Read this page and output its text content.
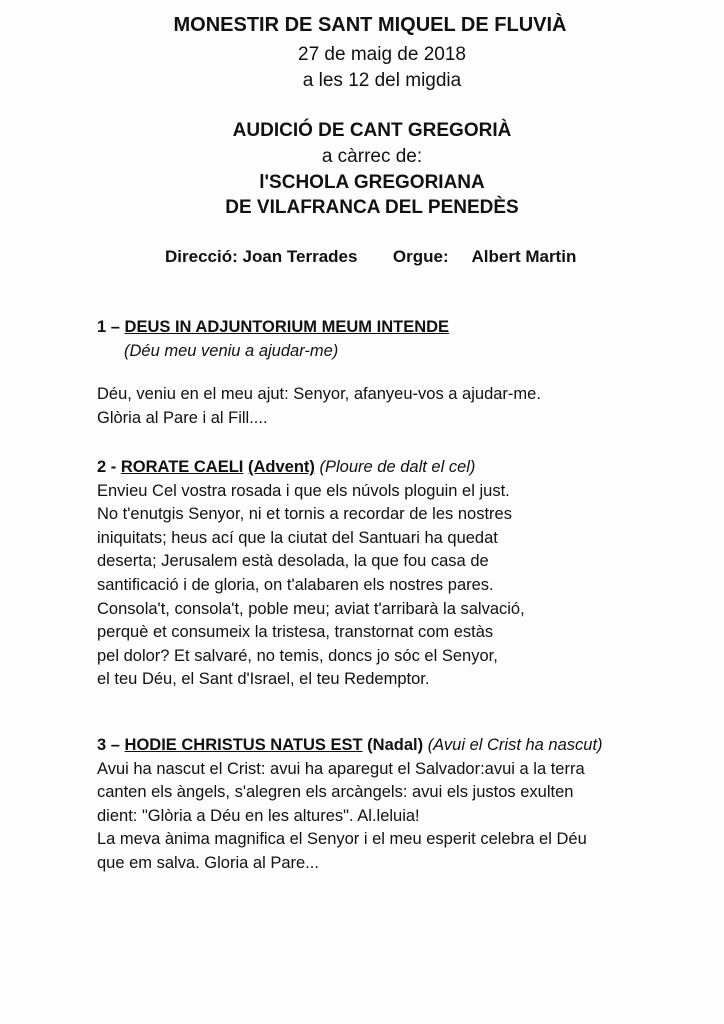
MONESTIR DE SANT MIQUEL DE FLUVIÀ

27 de maig de 2018

a les 12 del migdia

AUDICIÓ DE CANT GREGORIÀ

a càrrec de:

l'SCHOLA GREGORIANA

DE VILAFRANCA DEL PENEDÈS

Direcció: Joan Terrades Orgue: Albert Martin

1 – DEUS IN ADJUNTORIUM MEUM INTENDE

(Déu meu veniu a ajudar-me)

Déu, veniu en el meu ajut: Senyor, afanyeu-vos a ajudar-me.

Glòria al Pare i al Fill....

2 - RORATE CAELI (Advent) (Ploure de dalt el cel)

Envieu Cel vostra rosada i que els núvols ploguin el just.

No t'enutgis Senyor, ni et tornis a recordar de les nostres

iniquitats; heus ací que la ciutat del Santuari ha quedat

deserta; Jerusalem està desolada, la que fou casa de

santificació i de gloria, on t'alabaren els nostres pares.

Consola't, consola't, poble meu; aviat t'arribarà la salvació,

perquè et consumeix la tristesa, transtornat com estàs

pel dolor? Et salvaré, no temis, doncs jo sóc el Senyor,

el teu Déu, el Sant d'Israel, el teu Redemptor.

3 – HODIE CHRISTUS NATUS EST (Nadal) (Avui el Crist ha nascut)

Avui ha nascut el Crist: avui ha aparegut el Salvador:avui a la terra

canten els àngels, s'alegren els arcàngels: avui els justos exulten

dient: "Glòria a Déu en les altures". Al.leluia!

La meva ànima magnifica el Senyor i el meu esperit celebra el Déu

que em salva. Gloria al Pare...
